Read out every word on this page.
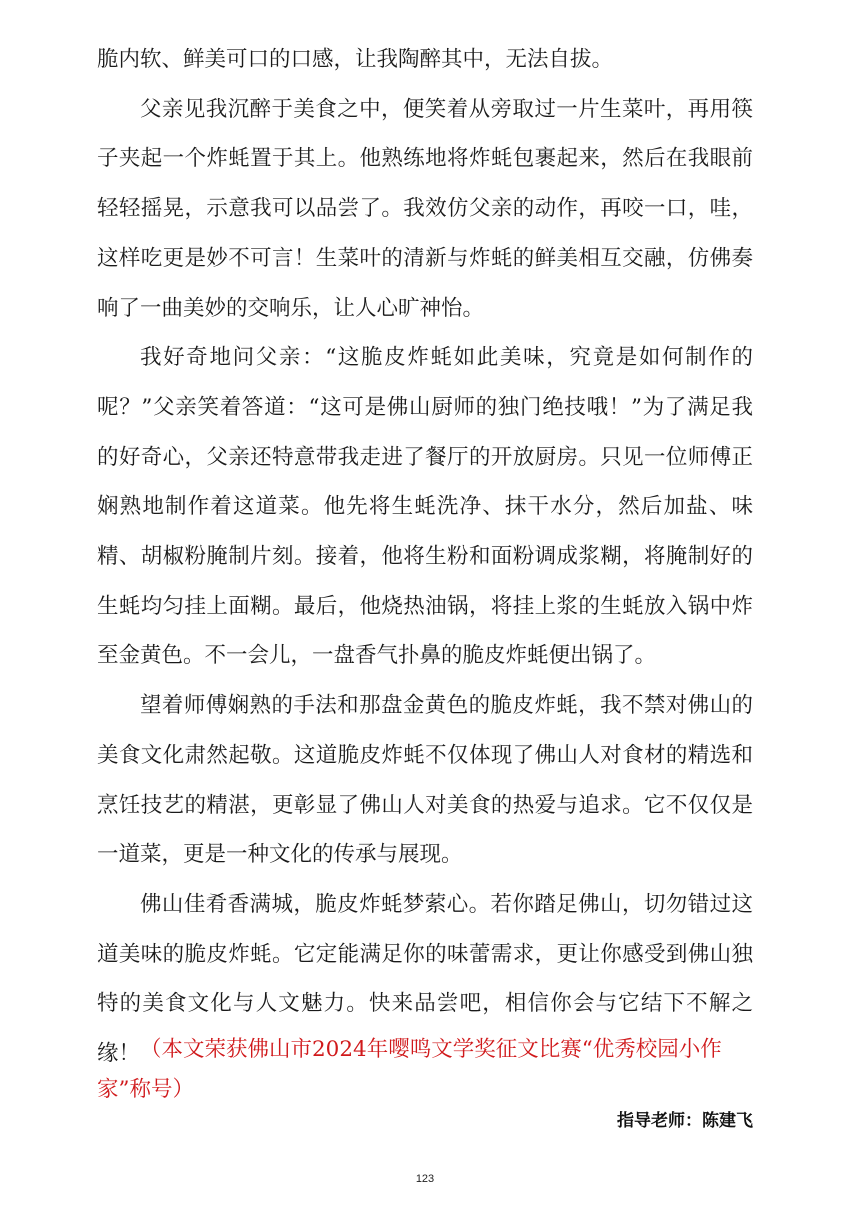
脆内软、鲜美可口的口感，让我陶醉其中，无法自拔。

父亲见我沉醉于美食之中，便笑着从旁取过一片生菜叶，再用筷子夹起一个炸蚝置于其上。他熟练地将炸蚝包裹起来，然后在我眼前轻轻摇晃，示意我可以品尝了。我效仿父亲的动作，再咬一口，哇，这样吃更是妙不可言！生菜叶的清新与炸蚝的鲜美相互交融，仿佛奏响了一曲美妙的交响乐，让人心旷神怡。

我好奇地问父亲：“这脆皮炸蚝如此美味，究竟是如何制作的呢？”父亲笑着答道：“这可是佛山厨师的独门绝技哦！”为了满足我的好奇心，父亲还特意带我走进了餐厅的开放厨房。只见一位师傅正娴熟地制作着这道菜。他先将生蚝洗净、抹干水分，然后加盐、味精、胡椒粉腌制片刻。接着，他将生粉和面粉调成浆糊，将腌制好的生蚝均匀挂上面糊。最后，他烧热油锅，将挂上浆的生蚝放入锅中炸至金黄色。不一会儿，一盘香气扑鼻的脆皮炸蚝便出锅了。

望着师傅娴熟的手法和那盘金黄色的脆皮炸蚝，我不禁对佛山的美食文化肃然起敬。这道脆皮炸蚝不仅体现了佛山人对食材的精选和烹饪技艺的精湛，更彰显了佛山人对美食的热爱与追求。它不仅仅是一道菜，更是一种文化的传承与展现。

佛山佳肴香满城，脆皮炸蚝梦萦心。若你踏足佛山，切勿错过这道美味的脆皮炸蚝。它定能满足你的味蕾需求，更让你感受到佛山独特的美食文化与人文魅力。快来品尝吧，相信你会与它结下不解之缘！ （本文荣获佛山市2024年嘤鸣文学奖征文比赛“优秀校园小作家”称号）

指导老师：陈建飞

123
